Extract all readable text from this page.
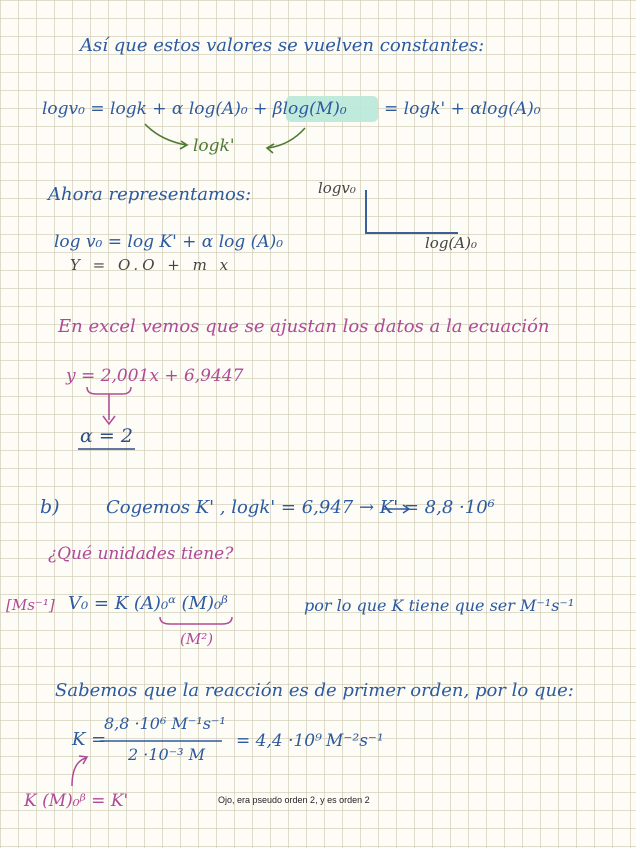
Así que estos valores se vuelven constantes:
logv₀ = logk + α log(A)₀ + βlog(M)₀ = logk' + αlog(A)₀
logk'
Ahora representamos:	logv₀
log(A)₀
log v₀ = log K' + α log (A)₀
Y = O.O + m x
En excel vemos que se ajustan los datos a la ecuación
y = 2,001x + 6,9447
α = 2
b)	Cogemos K' , logk' = 6,947 → K' = 8,8 ·10⁶
¿Qué unidades tiene?
[Ms⁻¹] V₀ = K (A)₀ᵅ (M)₀ᵝ	por lo que K tiene que ser M⁻¹s⁻¹
(M²)
Sabemos que la reacción es de primer orden, por lo que:
K =
8,8 ·10⁶ M⁻¹s⁻¹
2 ·10⁻³ M
= 4,4 ·10⁹ M⁻²s⁻¹
K (M)₀ᵝ = K'	Ojo, era pseudo orden 2, y es orden 2
